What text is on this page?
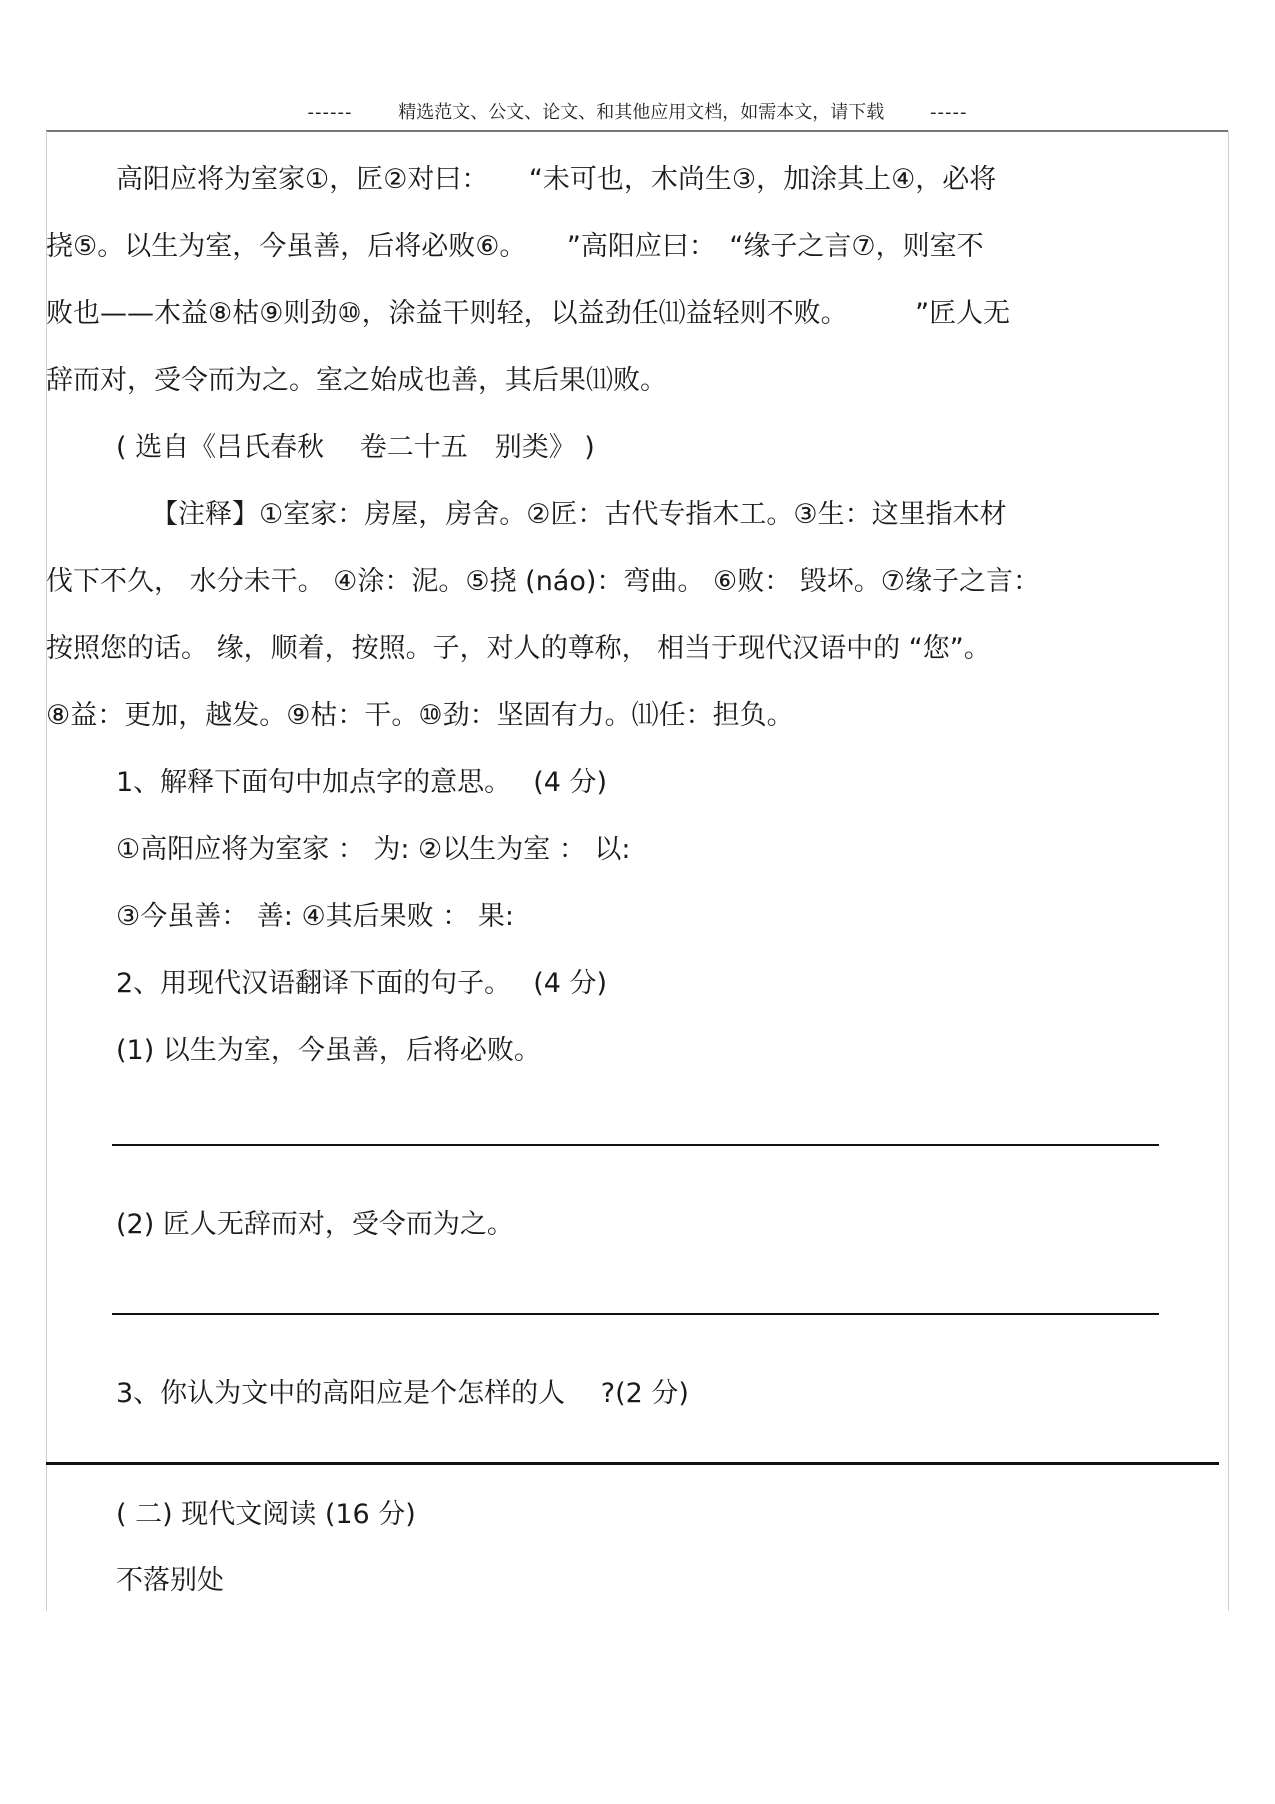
------	精选范文、公文、论文、和其他应用文档，如需本文，请下载	-----

高阳应将为室家①，匠②对曰：　　“未可也，木尚生③，加涂其上④，必将

挠⑤。以生为室，今虽善，后将必败⑥。　　”高阳应曰：　“缘子之言⑦，则室不

败也——木益⑧枯⑨则劲⑩，涂益干则轻，以益劲任⑾益轻则不败。　　　”匠人无

辞而对，受令而为之。室之始成也善，其后果⑾败。

( 选自《吕氏春秋　 卷二十五　别类》 )

【注释】①室家：房屋，房舍。②匠：古代专指木工。③生：这里指木材

伐下不久， 水分未干。 ④涂：泥。⑤挠 (náo)：弯曲。 ⑥败： 毁坏。⑦缘子之言：

按照您的话。 缘，顺着，按照。子，对人的尊称， 相当于现代汉语中的 “您”。

⑧益：更加，越发。⑨枯：干。⑩劲：坚固有力。⑾任：担负。

1、解释下面句中加点字的意思。　 (4 分)
①高阳应将为室家 ： 为: ②以生为室 ： 以:
③今虽善： 善: ④其后果败 ： 果:
2、用现代汉语翻译下面的句子。　 (4 分)
(1) 以生为室，今虽善，后将必败。
(2) 匠人无辞而对，受令而为之。
3、你认为文中的高阳应是个怎样的人　 ?(2 分)
( 二) 现代文阅读 (16 分)
不落别处
